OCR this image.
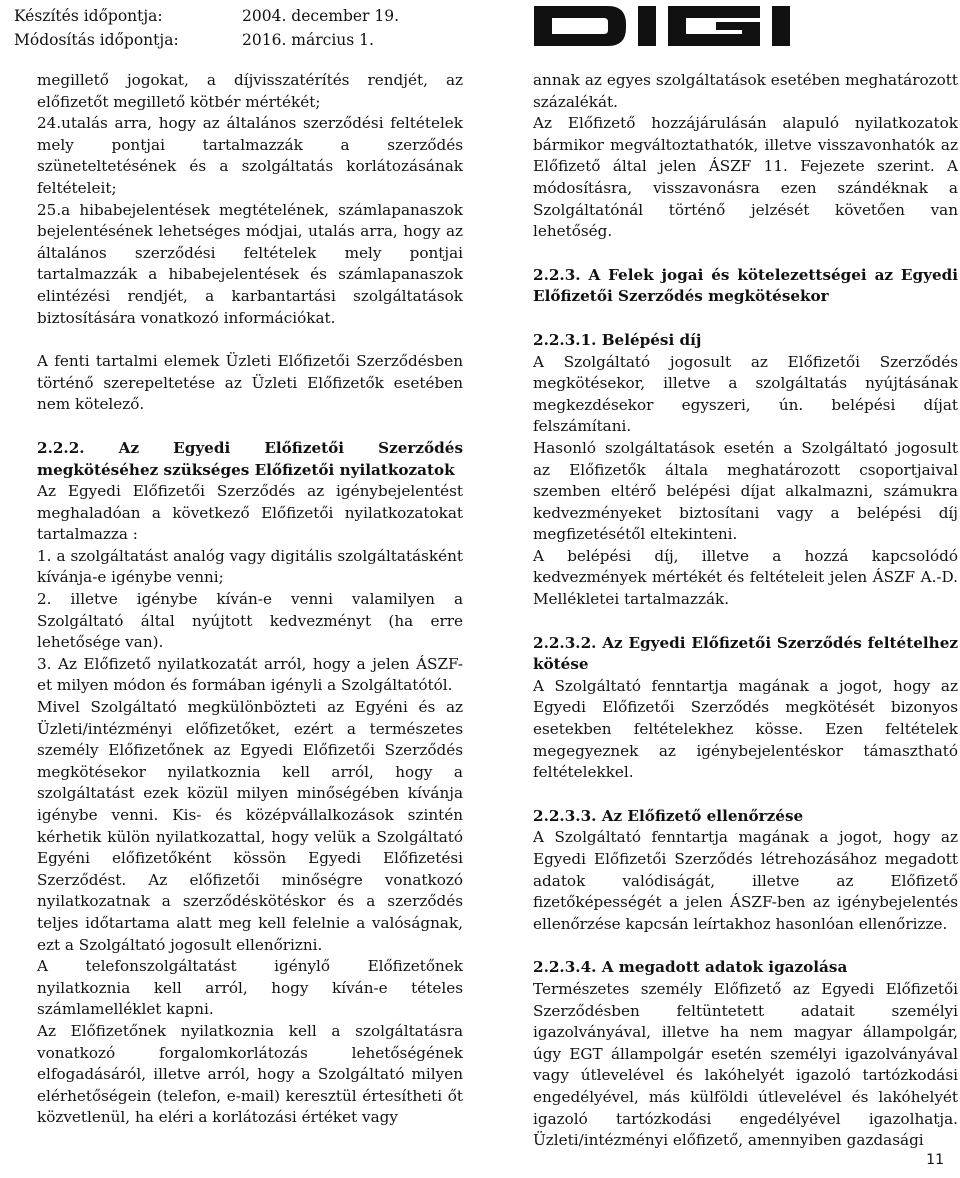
Készítés időpontja:	2004. december 19.
Módosítás időpontja:	2016. március 1.

megillető jogokat, a díjvisszatérítés rendjét, az előfizetőt megillető kötbér mértékét;

24.utalás arra, hogy az általános szerződési feltételek mely pontjai tartalmazzák a szerződés szüneteltetésének és a szolgáltatás korlátozásának feltételeit;

25.a hibabejelentések megtételének, számlapanaszok bejelentésének lehetséges módjai, utalás arra, hogy az általános szerződési feltételek mely pontjai tartalmazzák a hibabejelentések és számlapanaszok elintézési rendjét, a karbantartási szolgáltatások biztosítására vonatkozó információkat.

A fenti tartalmi elemek Üzleti Előfizetői Szerződésben történő szerepeltetése az Üzleti Előfizetők esetében nem kötelező.

2.2.2. Az Egyedi Előfizetői Szerződés megkötéséhez szükséges Előfizetői nyilatkozatok

Az Egyedi Előfizetői Szerződés az igénybejelentést meghaladóan a következő Előfizetői nyilatkozatokat tartalmazza :

1. a szolgáltatást analóg vagy digitális szolgáltatásként kívánja-e igénybe venni;

2. illetve igénybe kíván-e venni valamilyen a Szolgáltató által nyújtott kedvezményt (ha erre lehetősége van).

3. Az Előfizető nyilatkozatát arról, hogy a jelen ÁSZF-et milyen módon és formában igényli a Szolgáltatótól.

Mivel Szolgáltató megkülönbözteti az Egyéni és az Üzleti/intézményi előfizetőket, ezért a természetes személy Előfizetőnek az Egyedi Előfizetői Szerződés megkötésekor nyilatkoznia kell arról, hogy a szolgáltatást ezek közül milyen minőségében kívánja igénybe venni. Kis- és középvállalkozások szintén kérhetik külön nyilatkozattal, hogy velük a Szolgáltató Egyéni előfizetőként kössön Egyedi Előfizetési Szerződést. Az előfizetői minőségre vonatkozó nyilatkozatnak a szerződéskötéskor és a szerződés teljes időtartama alatt meg kell felelnie a valóságnak, ezt a Szolgáltató jogosult ellenőrizni.

A telefonszolgáltatást igénylő Előfizetőnek nyilatkoznia kell arról, hogy kíván-e tételes számlamelléklet kapni.

Az Előfizetőnek nyilatkoznia kell a szolgáltatásra vonatkozó forgalomkorlátozás lehetőségének elfogadásáról, illetve arról, hogy a Szolgáltató milyen elérhetőségein (telefon, e-mail) keresztül értesítheti őt közvetlenül, ha eléri a korlátozási értéket vagy

annak az egyes szolgáltatások esetében meghatározott százalékát.

Az Előfizető hozzájárulásán alapuló nyilatkozatok bármikor megváltoztathatók, illetve visszavonhatók az Előfizető által jelen ÁSZF 11. Fejezete szerint. A módosításra, visszavonásra ezen szándéknak a Szolgáltatónál történő jelzését követően van lehetőség.

2.2.3. A Felek jogai és kötelezettségei az Egyedi Előfizetői Szerződés megkötésekor

2.2.3.1. Belépési díj

A Szolgáltató jogosult az Előfizetői Szerződés megkötésekor, illetve a szolgáltatás nyújtásának megkezdésekor egyszeri, ún. belépési díjat felszámítani.

Hasonló szolgáltatások esetén a Szolgáltató jogosult az Előfizetők általa meghatározott csoportjaival szemben eltérő belépési díjat alkalmazni, számukra kedvezményeket biztosítani vagy a belépési díj megfizetésétől eltekinteni.

A belépési díj, illetve a hozzá kapcsolódó kedvezmények mértékét és feltételeit jelen ÁSZF A.-D. Mellékletei tartalmazzák.

2.2.3.2. Az Egyedi Előfizetői Szerződés feltételhez kötése

A Szolgáltató fenntartja magának a jogot, hogy az Egyedi Előfizetői Szerződés megkötését bizonyos esetekben feltételekhez kösse. Ezen feltételek megegyeznek az igénybejelentéskor támasztható feltételekkel.

2.2.3.3. Az Előfizető ellenőrzése

A Szolgáltató fenntartja magának a jogot, hogy az Egyedi Előfizetői Szerződés létrehozásához megadott adatok valódiságát, illetve az Előfizető fizetőképességét a jelen ÁSZF-ben az igénybejelentés ellenőrzése kapcsán leírtakhoz hasonlóan ellenőrizze.

2.2.3.4. A megadott adatok igazolása

Természetes személy Előfizető az Egyedi Előfizetői Szerződésben feltüntetett adatait személyi igazolványával, illetve ha nem magyar állampolgár, úgy EGT állampolgár esetén személyi igazolványával vagy útlevelével és lakóhelyét igazoló tartózkodási engedélyével, más külföldi útlevelével és lakóhelyét igazoló tartózkodási engedélyével igazolhatja. Üzleti/intézményi előfizető, amennyiben gazdasági

11
